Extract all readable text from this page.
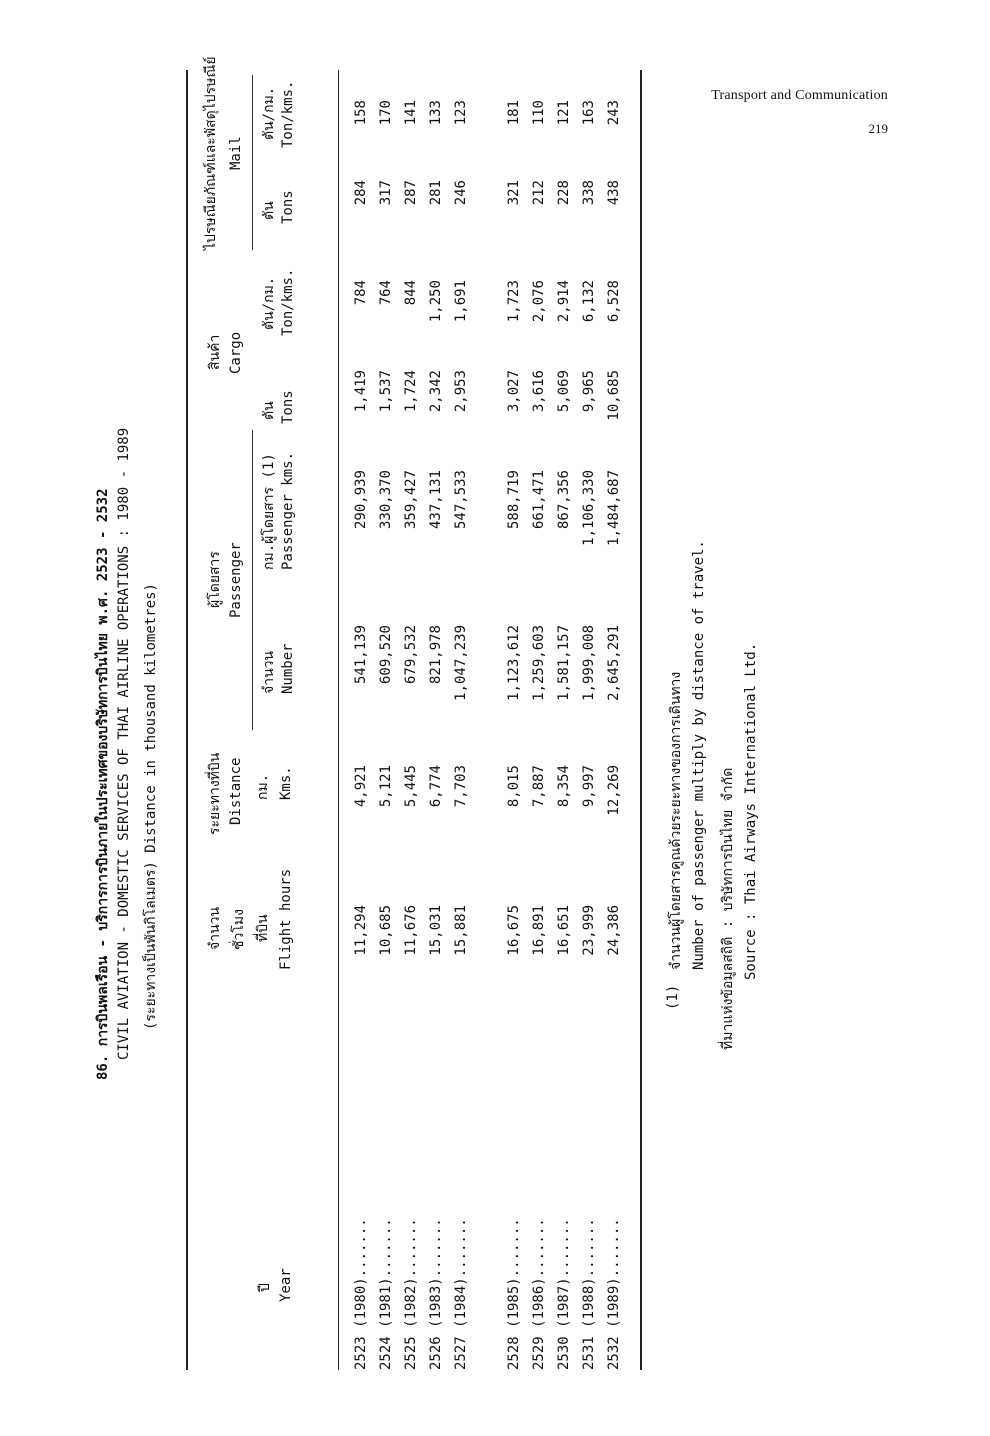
Transport and Communication
219
86. การบินพลเรือน - บริการการบินภายในประเทศของบริษัทการบินไทย พ.ศ. 2523 - 2532 CIVIL AVIATION - DOMESTIC SERVICES OF THAI AIRLINE OPERATIONS : 1980 - 1989 (ระยะทางเป็นพันกิโลเมตร) Distance in thousand kilometres)
ปี Year
จำนวน ชั่วโมง ที่บิน Flight hours
ระยะทางที่บิน Distance กม. Kms.
ผู้โดยสาร Passenger
จำนวน Number
กม.ผู้โดยสาร (1) Passenger kms.
สินค้า Cargo
ตัน Tons
ตัน/กม. Ton/kms.
ไปรษณียภัณฑ์และพัสดุไปรษณีย์ Mail
ตัน Tons
ตัน/กม. Ton/kms.
2523 (1980).......
11,294
4,921
541,139
290,939
1,419
784
284
158
2524 (1981).......
10,685
5,121
609,520
330,370
1,537
764
317
170
2525 (1982).......
11,676
5,445
679,532
359,427
1,724
844
287
141
2526 (1983).......
15,031
6,774
821,978
437,131
2,342
1,250
281
133
2527 (1984).......
15,881
7,703
1,047,239
547,533
2,953
1,691
246
123
2528 (1985).......
16,675
8,015
1,123,612
588,719
3,027
1,723
321
181
2529 (1986).......
16,891
7,887
1,259,603
661,471
3,616
2,076
212
110
2530 (1987).......
16,651
8,354
1,581,157
867,356
5,069
2,914
228
121
2531 (1988).......
23,999
9,997
1,999,008
1,106,330
9,965
6,132
338
163
2532 (1989).......
24,386
12,269
2,645,291
1,484,687
10,685
6,528
438
243
(1)
จำนวนผู้โดยสารคูณด้วยระยะทางของการเดินทาง Number of passenger multiply by distance of travel. ที่มาแห่งข้อมูลสถิติ : บริษัทการบินไทย จำกัด Source : Thai Airways International Ltd.
